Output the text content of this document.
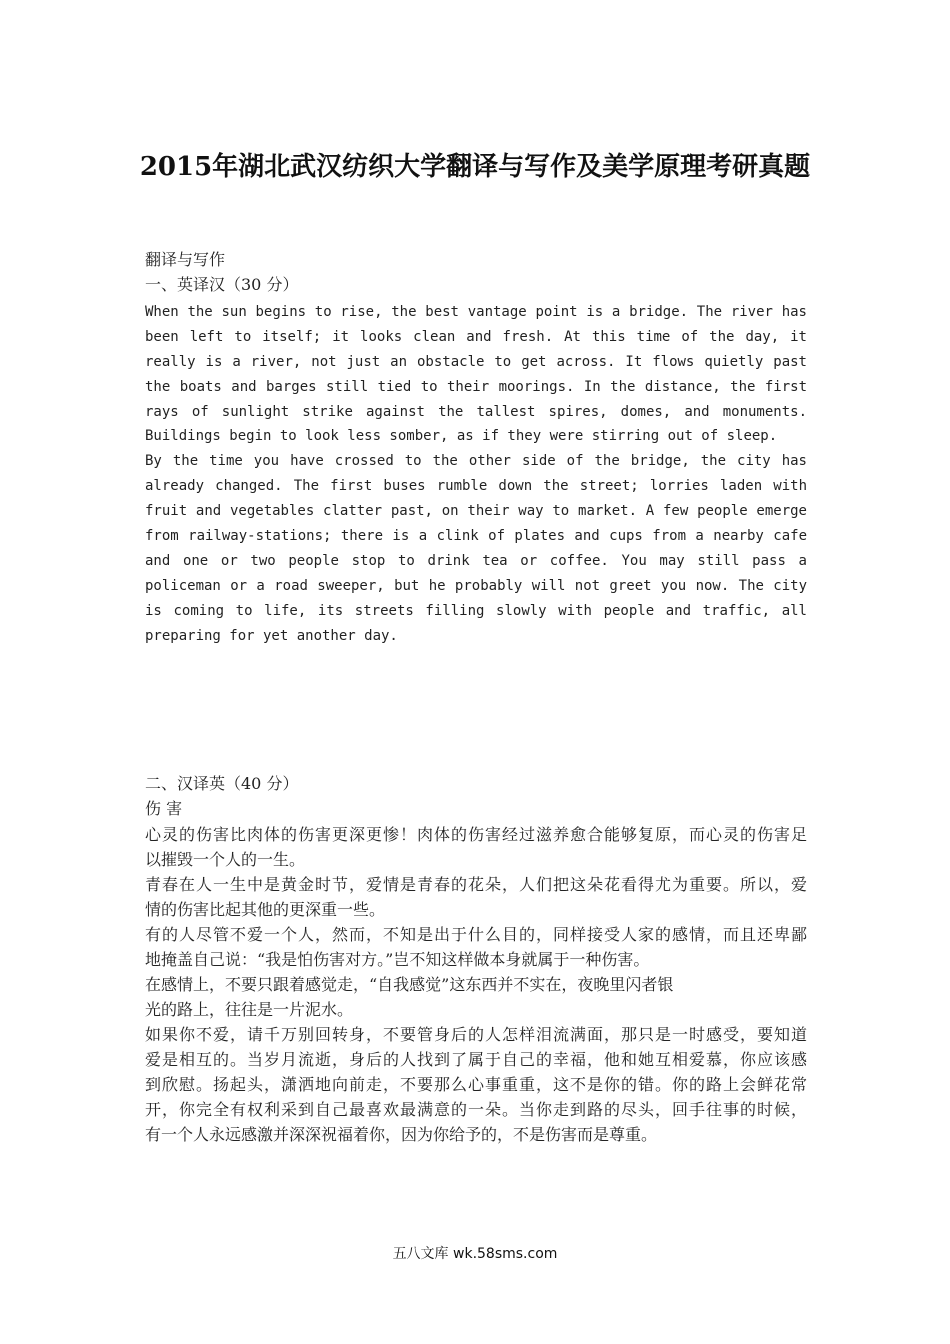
2015年湖北武汉纺织大学翻译与写作及美学原理考研真题
翻译与写作
一、英译汉（30 分）
When the sun begins to rise, the best vantage point is a bridge. The river has
been left to itself; it looks clean and fresh. At this time of the day, it
really is a river, not just an obstacle to get across. It flows quietly past
the boats and barges still tied to their moorings. In the distance, the first
rays of sunlight strike against the tallest spires, domes, and monuments.
Buildings begin to look less somber, as if they were stirring out of sleep.
By the time you have crossed to the other side of the bridge, the city has
already changed. The first buses rumble down the street; lorries laden with
fruit and vegetables clatter past, on their way to market. A few people emerge
from railway-stations; there is a clink of plates and cups from a nearby cafe
and one or two people stop to drink tea or coffee. You may still pass a
policeman or a road sweeper, but he probably will not greet you now. The city
is coming to life, its streets filling slowly with people and traffic, all
preparing for yet another day.
二、汉译英（40 分）
伤 害
心灵的伤害比肉体的伤害更深更惨！肉体的伤害经过滋养愈合能够复原，而心灵的伤害足
以摧毁一个人的一生。
青春在人一生中是黄金时节，爱情是青春的花朵，人们把这朵花看得尤为重要。所以，爱
情的伤害比起其他的更深重一些。
有的人尽管不爱一个人，然而，不知是出于什么目的，同样接受人家的感情，而且还卑鄙
地掩盖自己说：“我是怕伤害对方。”岂不知这样做本身就属于一种伤害。
在感情上，不要只跟着感觉走，“自我感觉”这东西并不实在，夜晚里闪者银
光的路上，往往是一片泥水。
如果你不爱，请千万别回转身，不要管身后的人怎样泪流满面，那只是一时感受，要知道
爱是相互的。当岁月流逝，身后的人找到了属于自己的幸福，他和她互相爱慕，你应该感
到欣慰。扬起头，潇洒地向前走，不要那么心事重重，这不是你的错。你的路上会鲜花常
开，你完全有权利采到自己最喜欢最满意的一朵。当你走到路的尽头，回手往事的时候，
有一个人永远感激并深深祝福着你，因为你给予的，不是伤害而是尊重。
五八文库 wk.58sms.com
